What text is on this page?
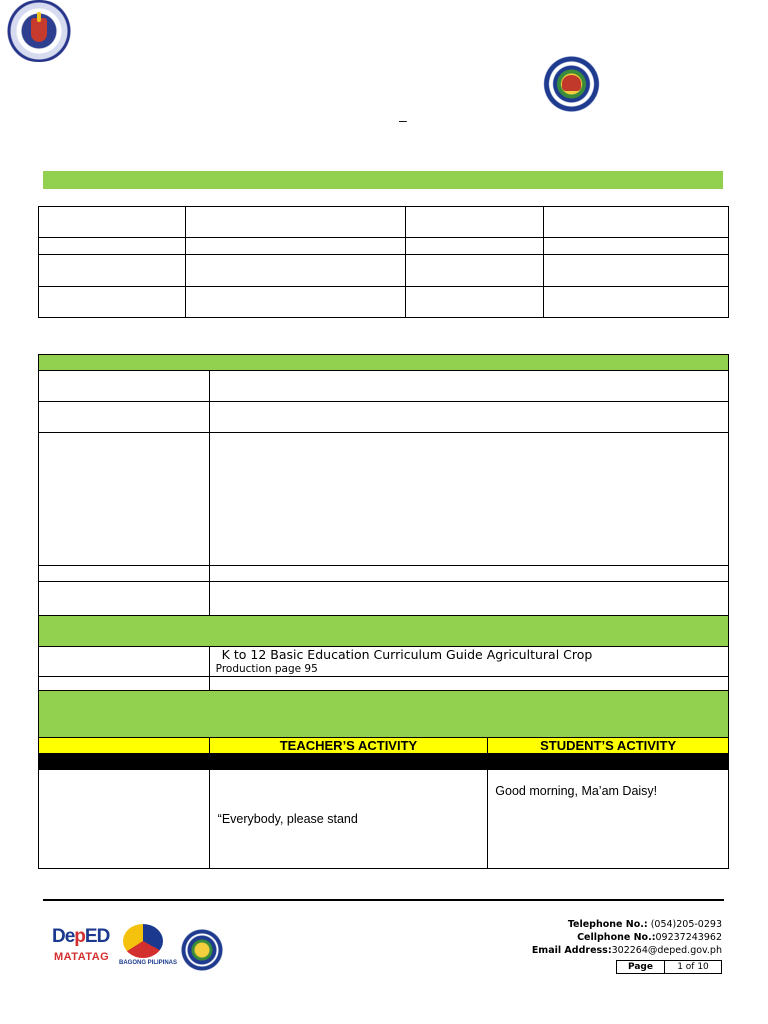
–

	K to 12 Basic Education Curriculum Guide Agricultural Crop
Production page 95	

	TEACHER’S ACTIVITY	STUDENT’S ACTIVITY

	“Everybody, please stand	Good morning, Ma’am Daisy!
DepED
MATATAG BAGONG PILIPINAS
Telephone No.: (054)205-0293
Cellphone No.:09237243962
Email Address:302264@deped.gov.ph
Page	1 of 10
